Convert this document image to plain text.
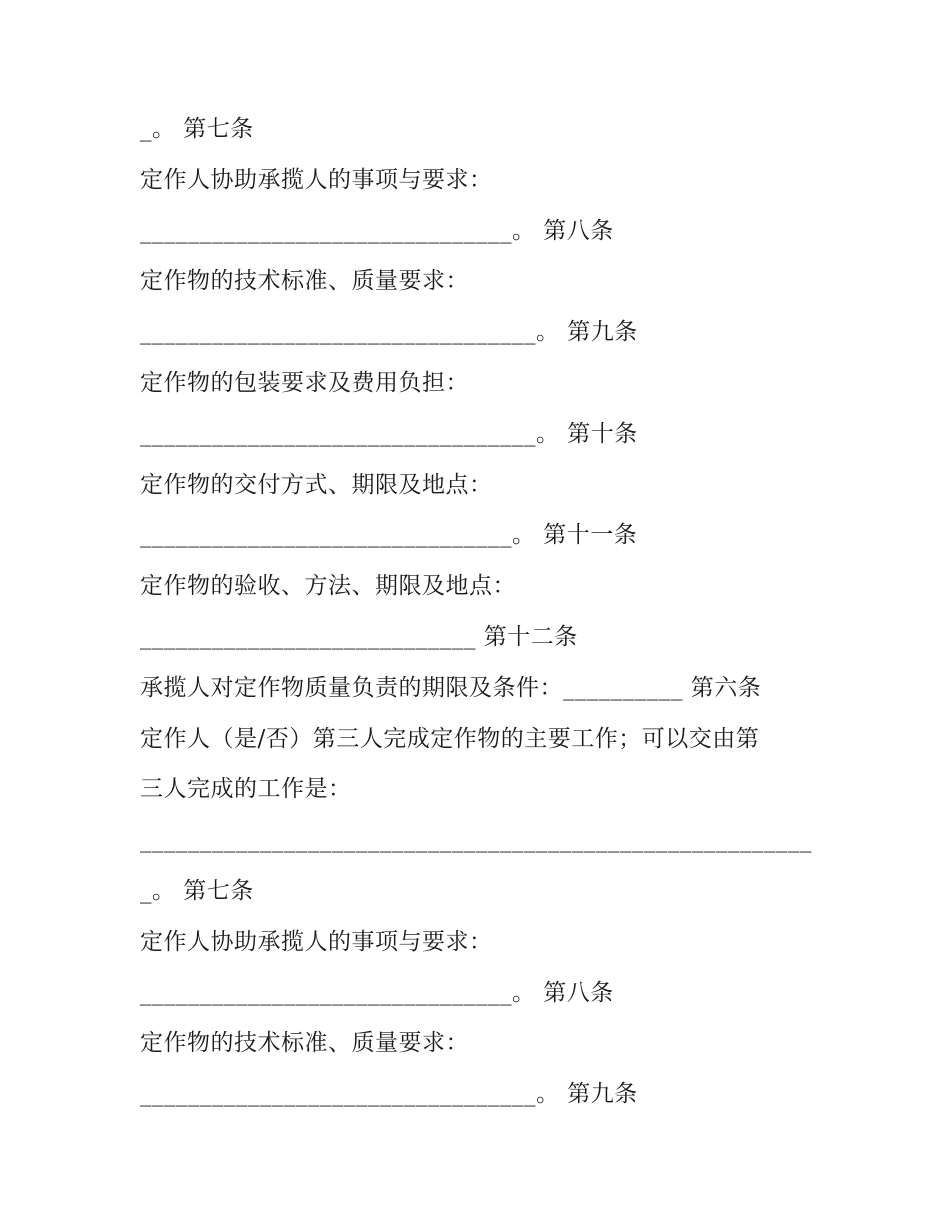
_。 第七条
定作人协助承揽人的事项与要求：
_______________________________。 第八条
定作物的技术标准、质量要求：
_________________________________。 第九条
定作物的包装要求及费用负担：
_________________________________。 第十条
定作物的交付方式、期限及地点：
_______________________________。 第十一条
定作物的验收、方法、期限及地点：
____________________________ 第十二条
承揽人对定作物质量负责的期限及条件：__________ 第六条
定作人（是/否）第三人完成定作物的主要工作；可以交由第
三人完成的工作是：
________________________________________________________
_。 第七条
定作人协助承揽人的事项与要求：
_______________________________。 第八条
定作物的技术标准、质量要求：
_________________________________。 第九条
